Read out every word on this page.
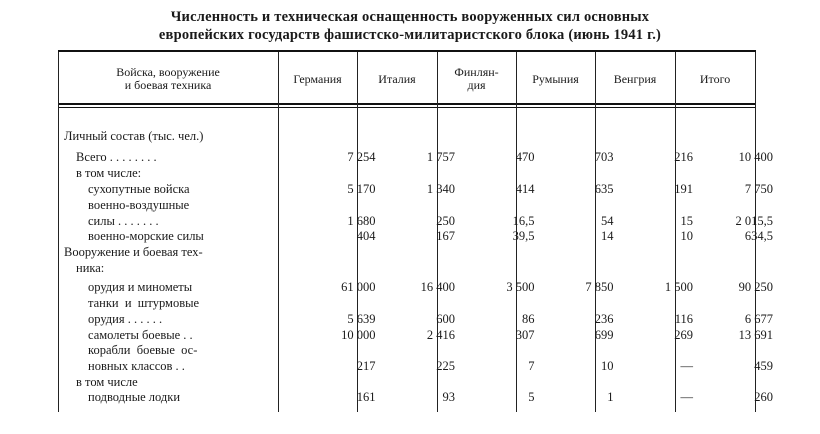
Численность и техническая оснащенность вооруженных сил основных
европейских государств фашистско-милитаристского блока (июнь 1941 г.)
Войска, вооружение
и боевая техника	Германия	Италия	Финлян-
дия	Румыния	Венгрия	Итого
Личный состав (тыс. чел.)
Всего . . . . . . . .	7 254	1 757	470	703	216	10 400
в том числе:
сухопутные войска	5 170	1 340	414	635	191	7 750
военно-воздушные
силы . . . . . . .	1 680	250	16,5	54	15	2 015,5
военно-морские силы	404	167	39,5	14	10	634,5
Вооружение и боевая тех-
ника:
орудия и минометы	61 000	16 400	3 500	7 850	1 500	90 250
танки  и  штурмовые
орудия . . . . . .	5 639	600	86	236	116	6 677
самолеты боевые . .	10 000	2 416	307	699	269	13 691
корабли  боевые  ос-
новных классов . .	217	225	7	10	—	459
в том числе
подводные лодки	161	93	5	1	—	260
